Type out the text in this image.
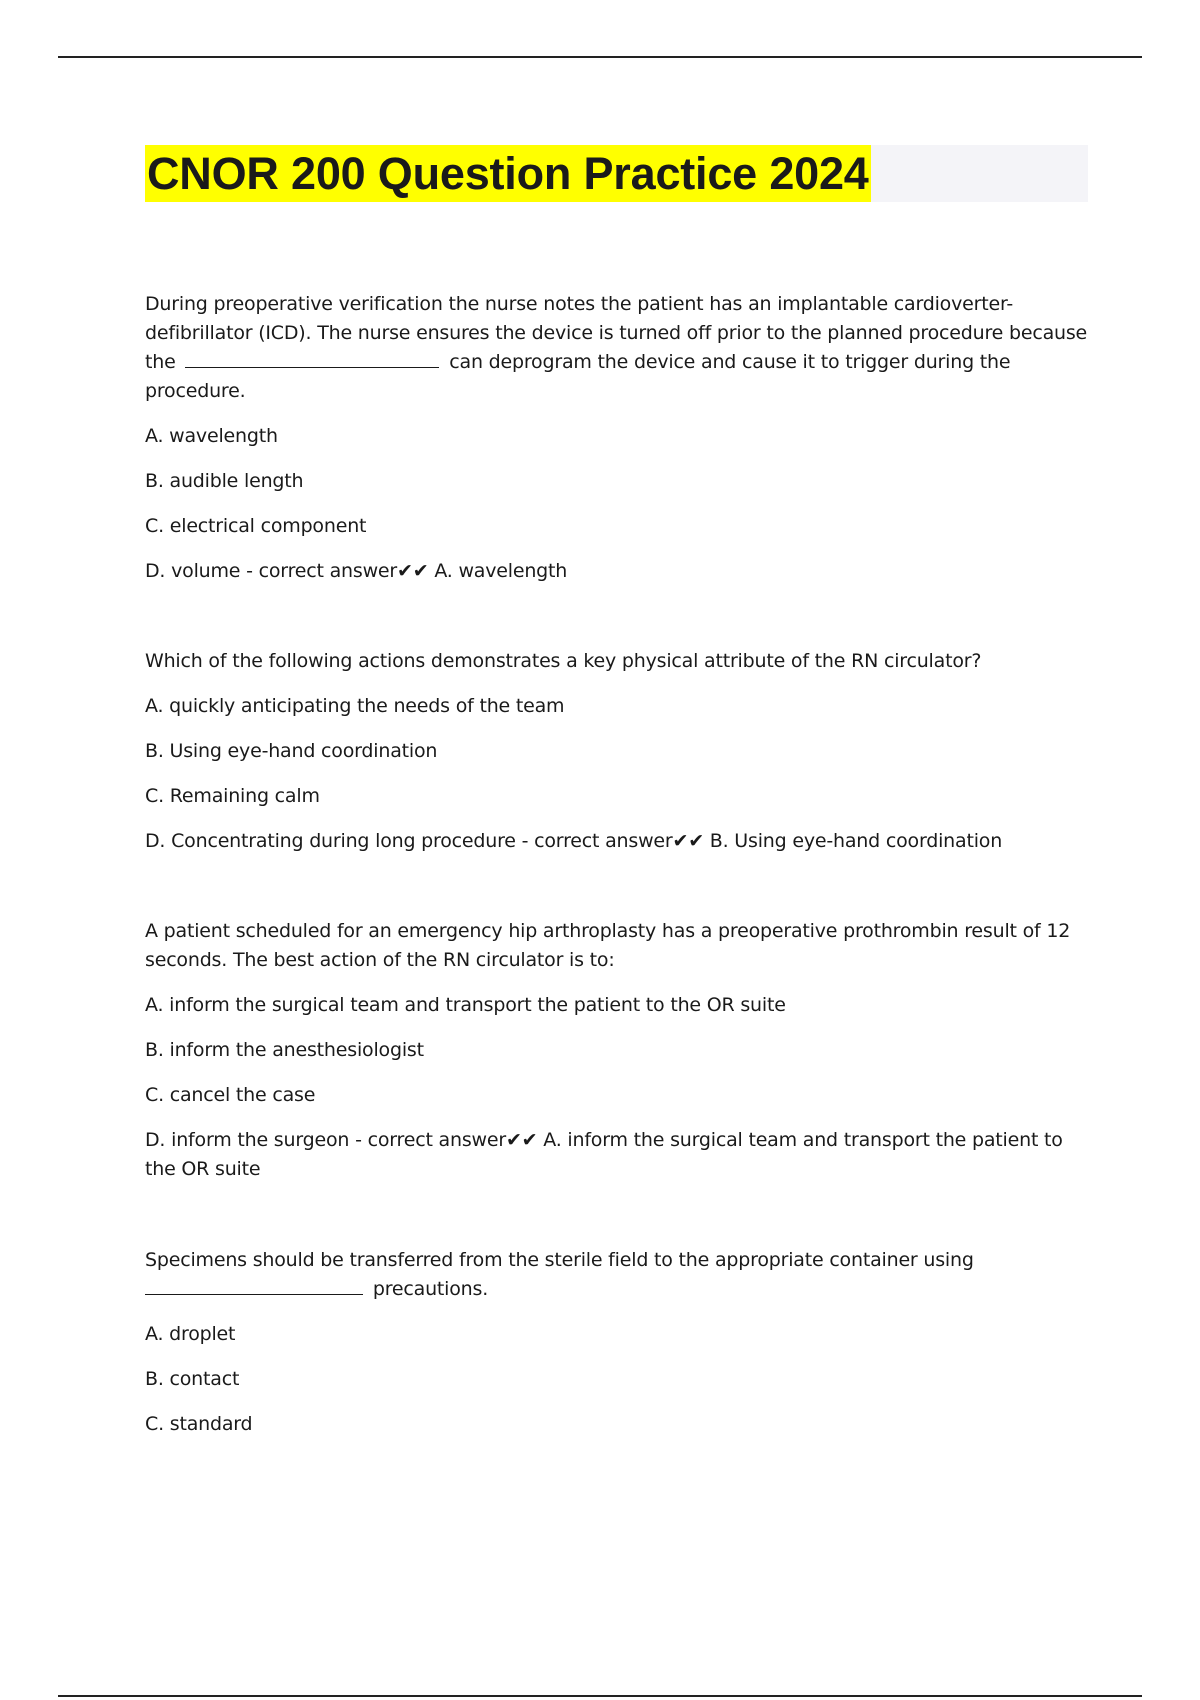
CNOR 200 Question Practice 2024

During preoperative verification the nurse notes the patient has an implantable cardioverter-defibrillator (ICD). The nurse ensures the device is turned off prior to the planned procedure because the	can deprogram the device and cause it to trigger during the procedure.

A. wavelength

B. audible length

C. electrical component

D. volume - correct answer✔✔ A. wavelength

Which of the following actions demonstrates a key physical attribute of the RN circulator?

A. quickly anticipating the needs of the team

B. Using eye-hand coordination

C. Remaining calm

D. Concentrating during long procedure - correct answer✔✔ B. Using eye-hand coordination

A patient scheduled for an emergency hip arthroplasty has a preoperative prothrombin result of 12 seconds. The best action of the RN circulator is to:

A. inform the surgical team and transport the patient to the OR suite

B. inform the anesthesiologist

C. cancel the case

D. inform the surgeon - correct answer✔✔ A. inform the surgical team and transport the patient to the OR suite

Specimens should be transferred from the sterile field to the appropriate container using
precautions.

A. droplet

B. contact

C. standard
